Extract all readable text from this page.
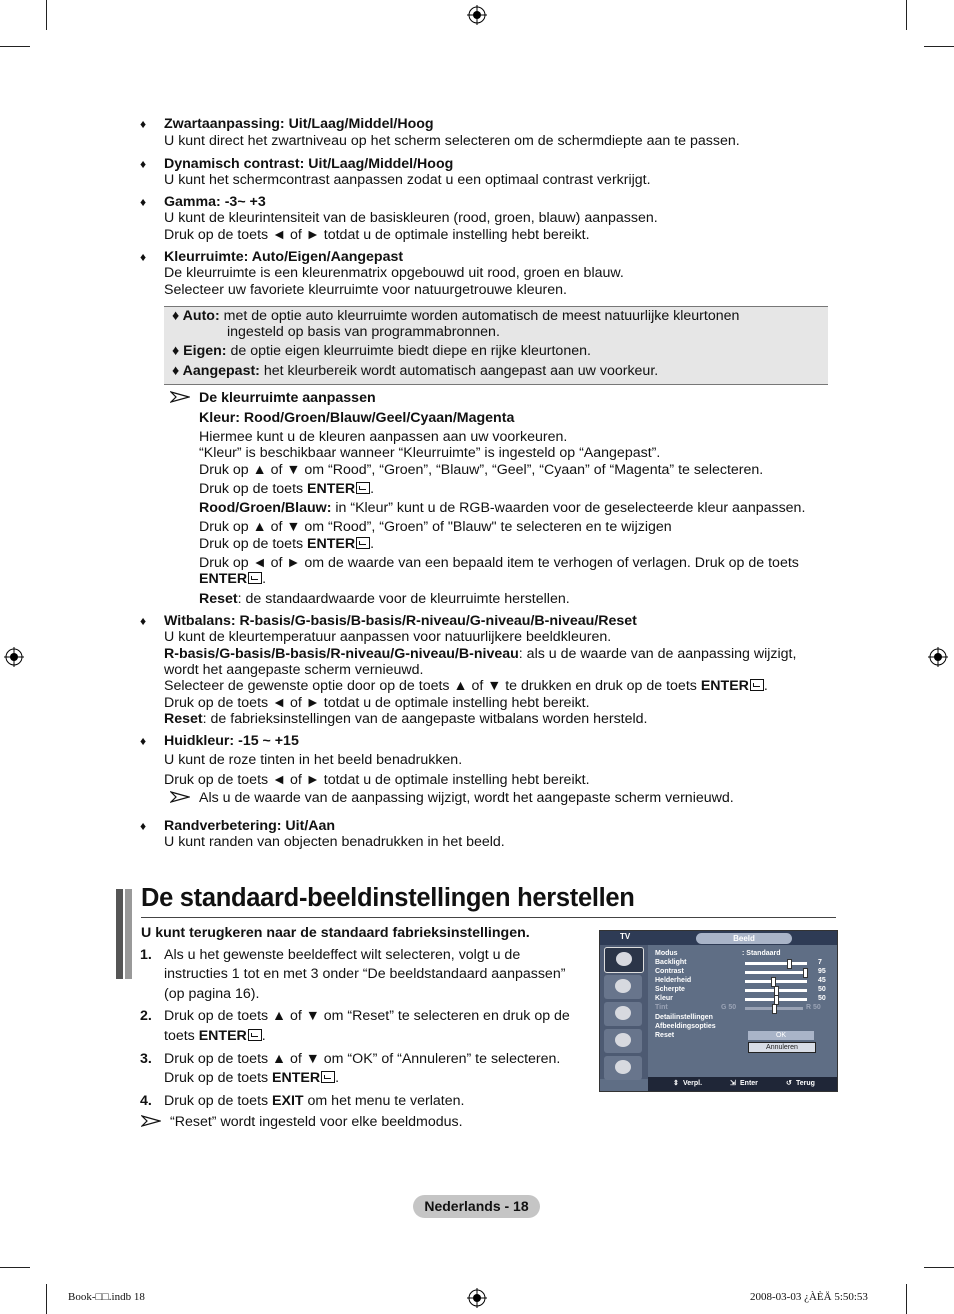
♦ Zwartaanpassing: Uit/Laag/Middel/Hoog
U kunt direct het zwartniveau op het scherm selecteren om de schermdiepte aan te passen.
♦ Dynamisch contrast: Uit/Laag/Middel/Hoog
U kunt het schermcontrast aanpassen zodat u een optimaal contrast verkrijgt.
♦ Gamma: -3~ +3
U kunt de kleurintensiteit van de basiskleuren (rood, groen, blauw) aanpassen.
Druk op de toets ◄ of ► totdat u de optimale instelling hebt bereikt.
♦ Kleurruimte: Auto/Eigen/Aangepast
De kleurruimte is een kleurenmatrix opgebouwd uit rood, groen en blauw.
Selecteer uw favoriete kleurruimte voor natuurgetrouwe kleuren.
♦ Auto: met de optie auto kleurruimte worden automatisch de meest natuurlijke kleurtonen
ingesteld op basis van programmabronnen.
♦ Eigen: de optie eigen kleurruimte biedt diepe en rijke kleurtonen.
♦ Aangepast: het kleurbereik wordt automatisch aangepast aan uw voorkeur.
De kleurruimte aanpassen
Kleur: Rood/Groen/Blauw/Geel/Cyaan/Magenta
Hiermee kunt u de kleuren aanpassen aan uw voorkeuren.
“Kleur” is beschikbaar wanneer “Kleurruimte” is ingesteld op “Aangepast”.
Druk op ▲ of ▼ om “Rood”, “Groen”, “Blauw”, “Geel”, “Cyaan” of “Magenta” te selecteren.
Druk op de toets ENTER .
Rood/Groen/Blauw: in “Kleur” kunt u de RGB-waarden voor de geselecteerde kleur aanpassen.
Druk op ▲ of ▼ om “Rood”, “Groen” of "Blauw" te selecteren en te wijzigen
Druk op de toets ENTER .
Druk op ◄ of ► om de waarde van een bepaald item te verhogen of verlagen. Druk op de toets
ENTER .
Reset: de standaardwaarde voor de kleurruimte herstellen.
♦ Witbalans: R-basis/G-basis/B-basis/R-niveau/G-niveau/B-niveau/Reset
U kunt de kleurtemperatuur aanpassen voor natuurlijkere beeldkleuren.
R-basis/G-basis/B-basis/R-niveau/G-niveau/B-niveau: als u de waarde van de aanpassing wijzigt,
wordt het aangepaste scherm vernieuwd.
Selecteer de gewenste optie door op de toets ▲ of ▼ te drukken en druk op de toets ENTER .
Druk op de toets ◄ of ► totdat u de optimale instelling hebt bereikt.
Reset: de fabrieksinstellingen van de aangepaste witbalans worden hersteld.
♦ Huidkleur: -15 ~ +15
U kunt de roze tinten in het beeld benadrukken.
Druk op de toets ◄ of ► totdat u de optimale instelling hebt bereikt.
Als u de waarde van de aanpassing wijzigt, wordt het aangepaste scherm vernieuwd.
♦ Randverbetering: Uit/Aan
U kunt randen van objecten benadrukken in het beeld.
De standaard-beeldinstellingen herstellen
U kunt terugkeren naar de standaard fabrieksinstellingen.
1. Als u het gewenste beeldeffect wilt selecteren, volgt u de
instructies 1 tot en met 3 onder “De beeldstandaard aanpassen”
(op pagina 16).
2. Druk op de toets ▲ of ▼ om “Reset” te selecteren en druk op de
toets ENTER .
3. Druk op de toets ▲ of ▼ om “OK” of “Annuleren” te selecteren.
Druk op de toets ENTER .
4. Druk op de toets EXIT om het menu te verlaten.
“Reset” wordt ingesteld voor elke beeldmodus.
TV	Beeld
Modus	: Standaard
Backlight	7
Contrast	95
Helderheid	45
Scherpte	50
Kleur	50
Tint	G 50	R 50
Detailinstellingen
Afbeeldingsopties
Reset	OK
Annuleren
⇕ Verpl.	⇲ Enter	↺ Terug
Nederlands - 18
Book-□□.indb 18	2008-03-03 ¿ÀÈÄ 5:50:53
